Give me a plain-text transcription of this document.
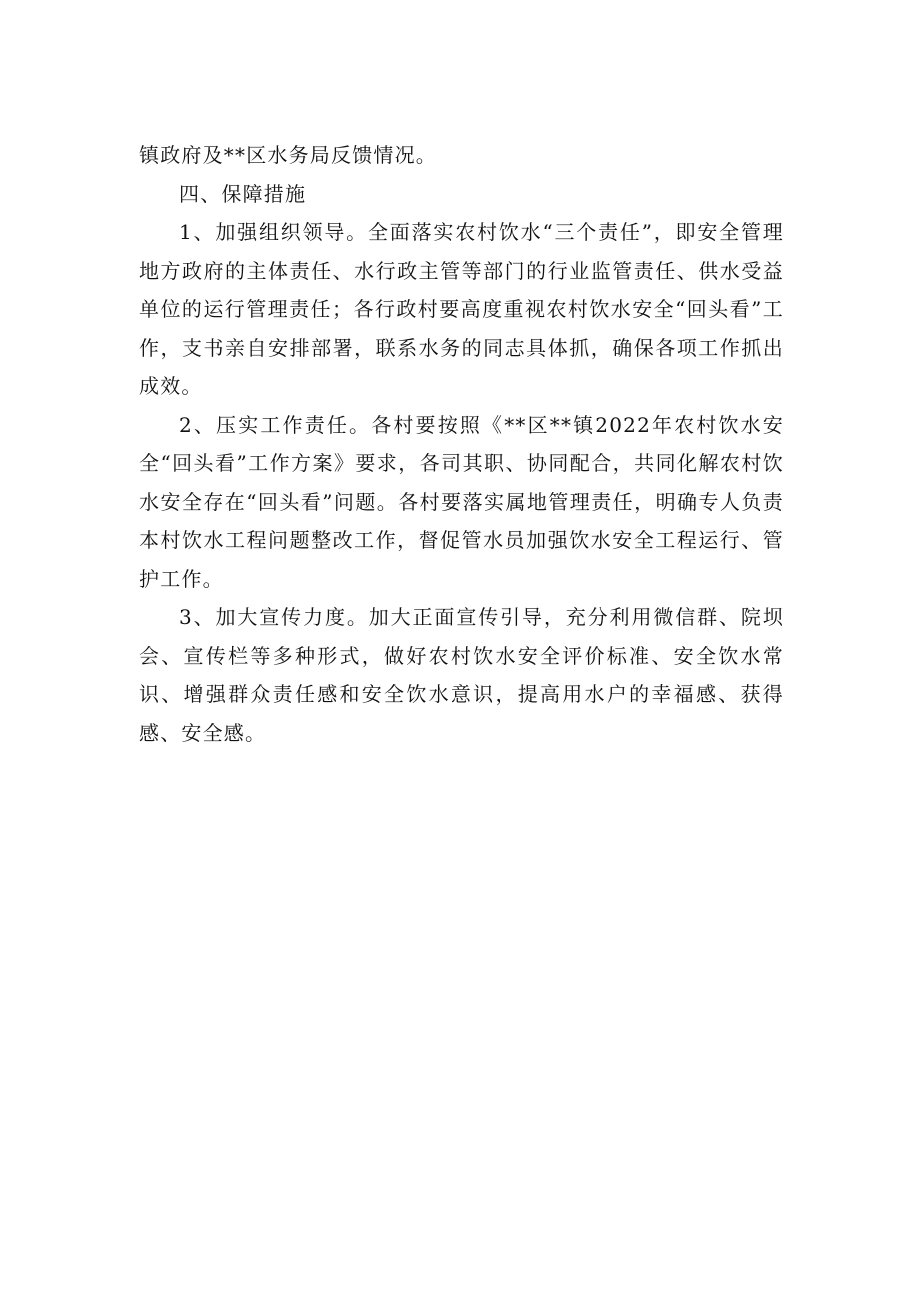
镇政府及**区水务局反馈情况。

四、保障措施

1、加强组织领导。全面落实农村饮水“三个责任”，即安全管理地方政府的主体责任、水行政主管等部门的行业监管责任、供水受益单位的运行管理责任；各行政村要高度重视农村饮水安全“回头看”工作，支书亲自安排部署，联系水务的同志具体抓，确保各项工作抓出成效。

2、压实工作责任。各村要按照《**区**镇2022年农村饮水安全“回头看”工作方案》要求，各司其职、协同配合，共同化解农村饮水安全存在“回头看”问题。各村要落实属地管理责任，明确专人负责本村饮水工程问题整改工作，督促管水员加强饮水安全工程运行、管护工作。

3、加大宣传力度。加大正面宣传引导，充分利用微信群、院坝会、宣传栏等多种形式，做好农村饮水安全评价标准、安全饮水常识、增强群众责任感和安全饮水意识，提高用水户的幸福感、获得感、安全感。
